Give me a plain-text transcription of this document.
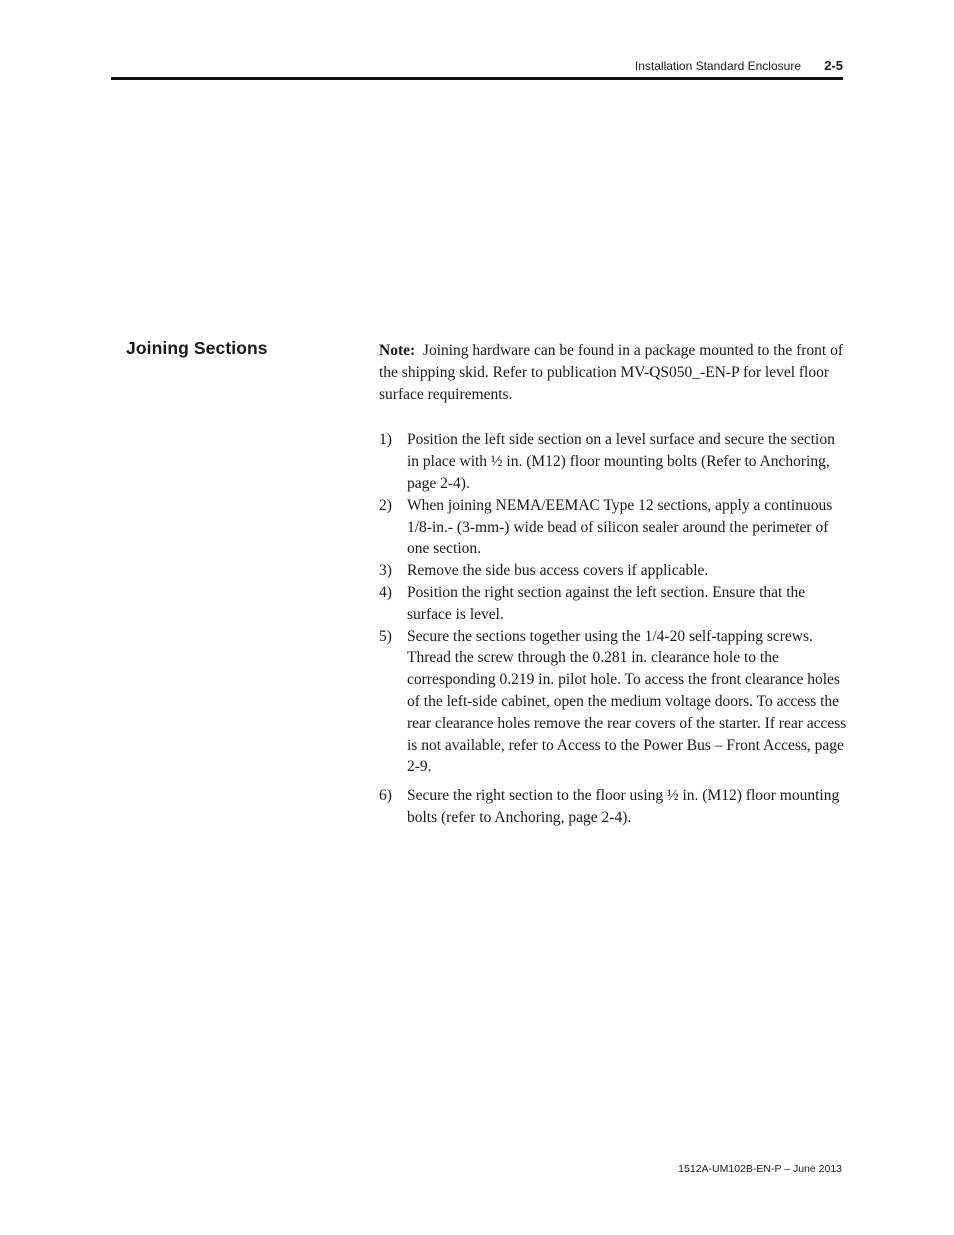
Installation Standard Enclosure 2-5
Joining Sections	Note: Joining hardware can be found in a package mounted to the front of the shipping skid. Refer to publication MV-QS050_-EN-P for level floor surface requirements.

1) Position the left side section on a level surface and secure the section in place with ½ in. (M12) floor mounting bolts (Refer to Anchoring, page 2-4).
2) When joining NEMA/EEMAC Type 12 sections, apply a continuous 1/8-in.- (3-mm-) wide bead of silicon sealer around the perimeter of one section.
3) Remove the side bus access covers if applicable.
4) Position the right section against the left section. Ensure that the surface is level.
5) Secure the sections together using the 1/4-20 self-tapping screws. Thread the screw through the 0.281 in. clearance hole to the corresponding 0.219 in. pilot hole. To access the front clearance holes of the left-side cabinet, open the medium voltage doors. To access the rear clearance holes remove the rear covers of the starter. If rear access is not available, refer to Access to the Power Bus – Front Access, page 2-9.
6) Secure the right section to the floor using ½ in. (M12) floor mounting bolts (refer to Anchoring, page 2-4).
1512A-UM102B-EN-P – June 2013
